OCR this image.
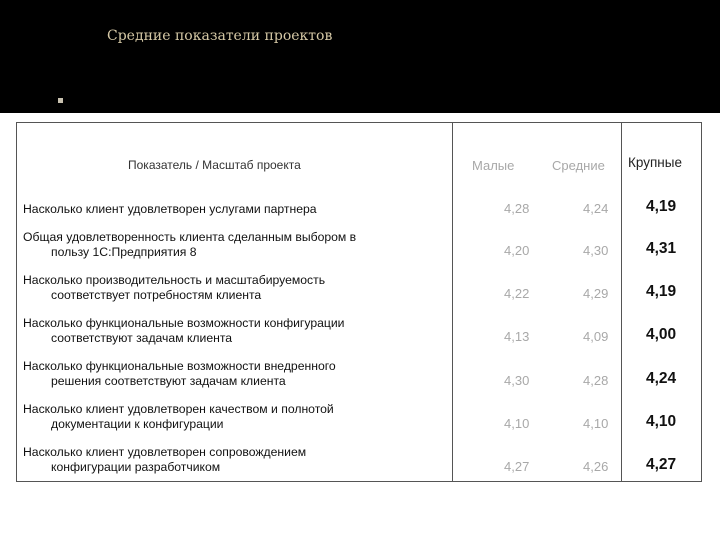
Средние показатели проектов
Показатель / Масштаб проекта	Малые	Средние Крупные
Насколько клиент удовлетворен услугами партнера	4,28	4,24 4,19
Общая удовлетворенность клиента сделанным выбором в
пользу 1С:Предприятия 8	4,20	4,30 4,31
Насколько производительность и масштабируемость
соответствует потребностям клиента	4,22	4,29 4,19
Насколько функциональные возможности конфигурации
соответствуют задачам клиента	4,13	4,09 4,00
Насколько функциональные возможности внедренного
решения соответствуют задачам клиента	4,30	4,28 4,24
Насколько клиент удовлетворен качеством и полнотой
документации к конфигурации	4,10	4,10 4,10
Насколько клиент удовлетворен сопровождением
конфигурации разработчиком	4,27	4,26 4,27
